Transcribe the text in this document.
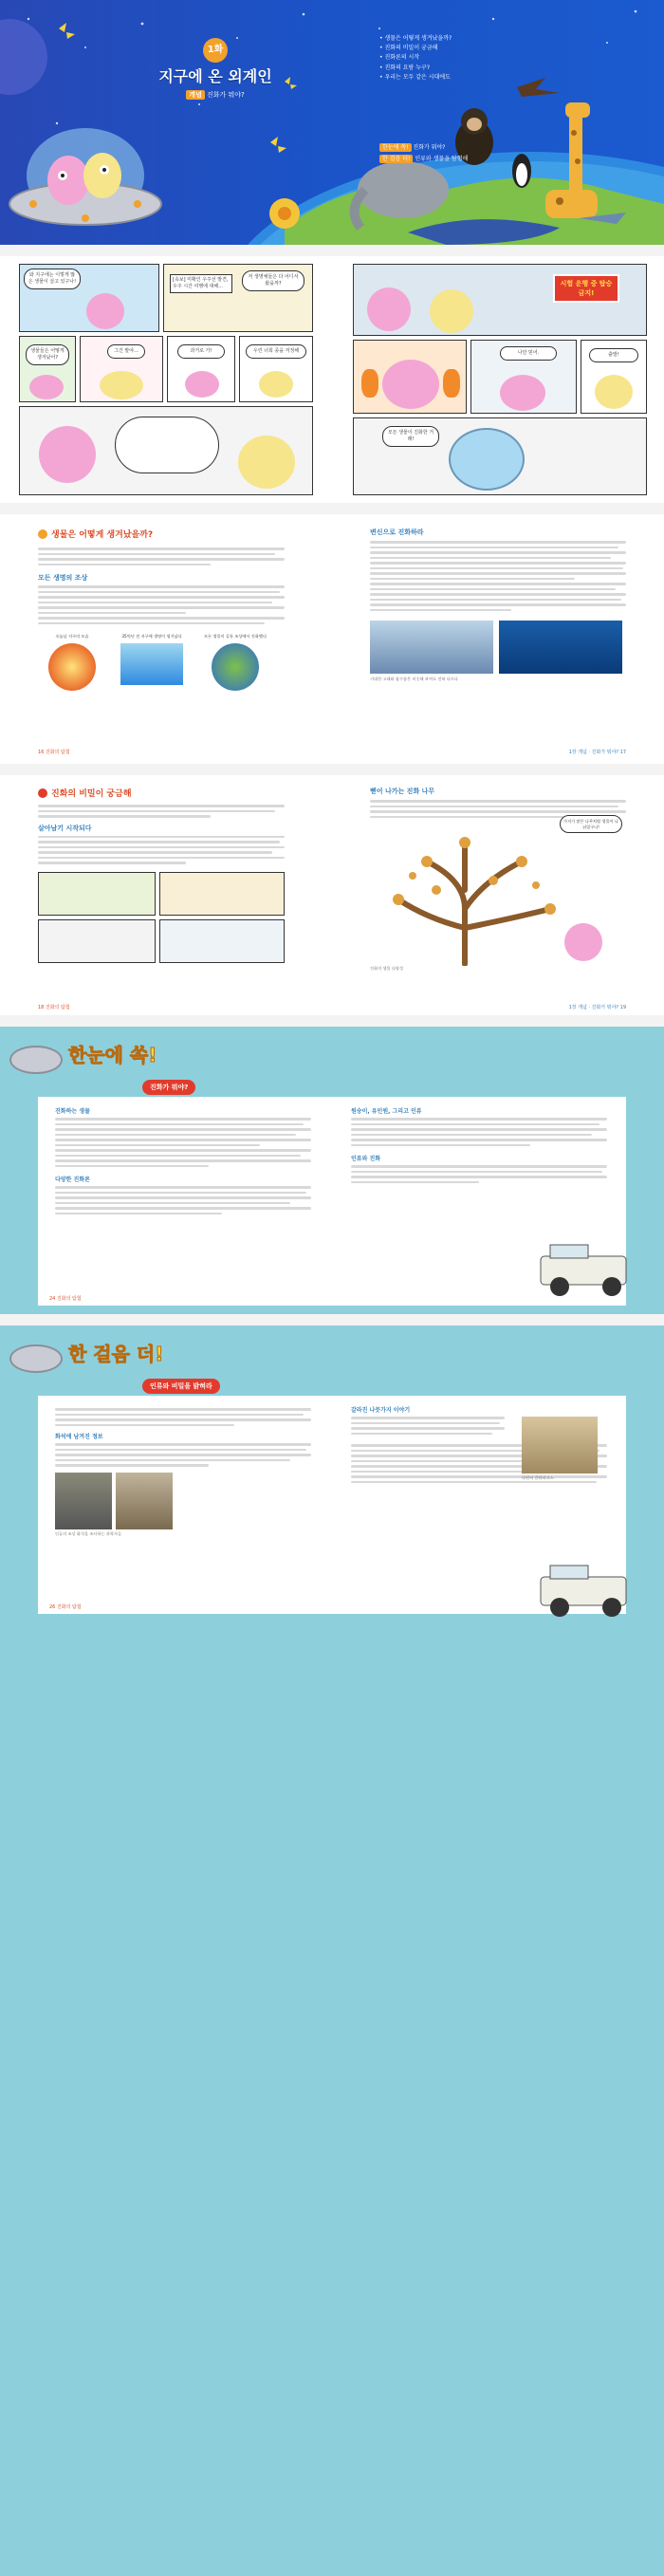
1화
지구에 온 외계인
개념 진화가 뭐야?
• 생물은 어떻게 생겨났을까?
• 진화의 비밀이 궁금해
• 진화론의 시작
• 진화의 요람 누구?
• 우리는 모두 같은 시대에도
한눈에 쏙! 진화가 뭐야?
한 걸음 더! 인류와 생물을 탐험해
와 지구에는 이렇게 많은 생물이 살고 있구나!	[속보] 미확인 우주선 발견, 우주 시간 여행에 대해...
저 생명체들은 다 어디서 왔을까?
생물들은 어떻게 생겨났어?
그건 말야...	과거로 가!	우린 너희 종을 걱정해
시험 운행 중 탑승 금지!
나만 믿어.	출발!
모든 생물이 진화한 거래!
생물은 어떻게 생겨났을까?
모든 생명의 조상
오늘날 지구의 모습	35억년 전 지구에 생명이 생겨났다	모든 생물이 공통 조상에서 진화했다
16 진화의 탐험
변신으로 진화하라
거대한 고래와 잠수함은 비슷해 보여도 전혀 다르다
1장 개념 · 진화가 뭐야? 17
진화의 비밀이 궁금해
살아남기 시작되다
18 진화의 탐험
뻗어 나가는 진화 나무
가지가 많은 나무처럼 생물이 나뉘었구나!
진화의 생물 다양성
1장 개념 · 진화가 뭐야? 19
한눈에 쏙!
진화가 뭐야?
진화하는 생물
다양한 진화론
원숭이, 유인원, 그리고 인류
인류와 진화
24 진화의 탐험
한 걸음 더!
인류와 비밀을 밝혀라
화석에 남겨진 정보
인류의 조상 화석을 조사하는 과학자들
갈라진 나뭇가지 이야기
다윈의 갈라파고스
26 진화의 탐험
